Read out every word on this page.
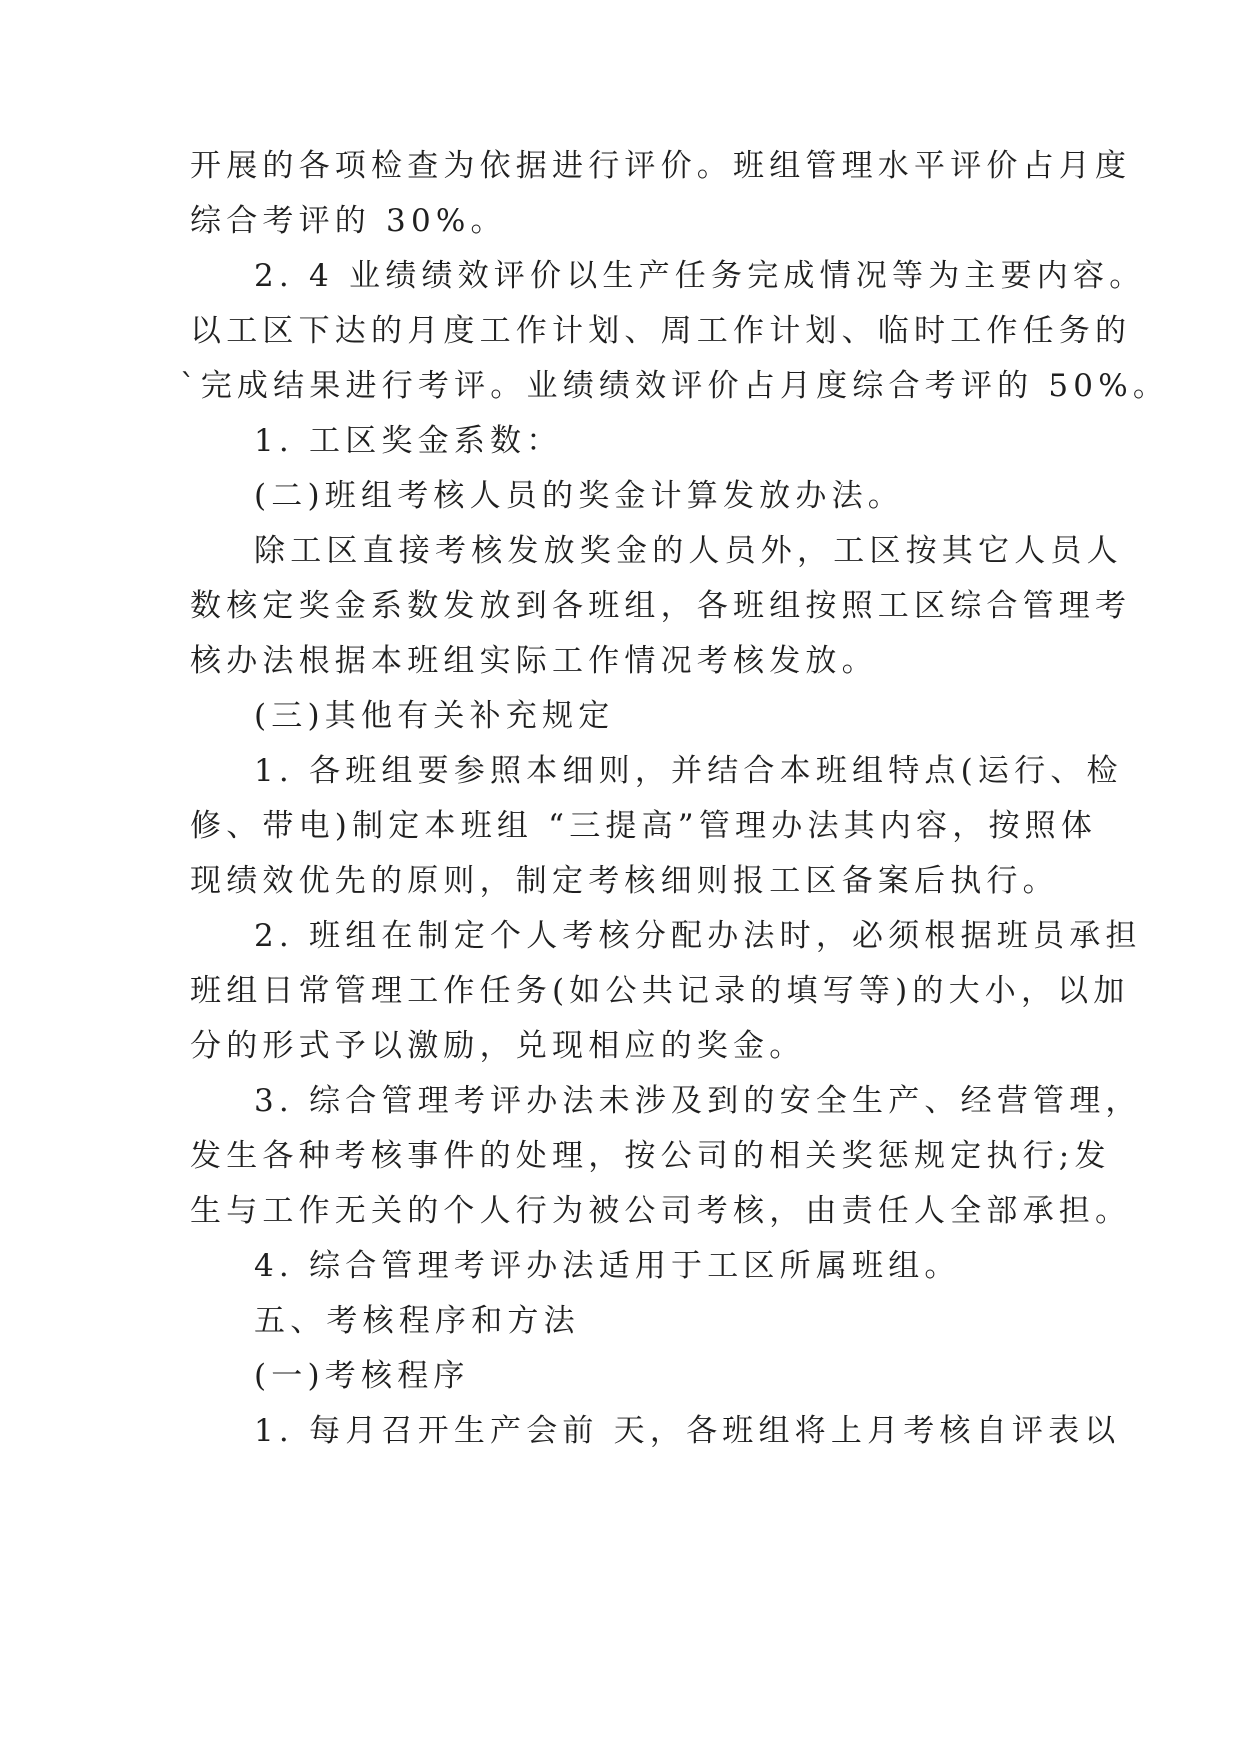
开展的各项检查为依据进行评价。班组管理水平评价占月度
综合考评的 30%。
2. 4 业绩绩效评价以生产任务完成情况等为主要内容。
以工区下达的月度工作计划、周工作计划、临时工作任务的
`完成结果进行考评。业绩绩效评价占月度综合考评的 50%。
1. 工区奖金系数：
(二)班组考核人员的奖金计算发放办法。
除工区直接考核发放奖金的人员外，工区按其它人员人
数核定奖金系数发放到各班组，各班组按照工区综合管理考
核办法根据本班组实际工作情况考核发放。
(三)其他有关补充规定
1. 各班组要参照本细则，并结合本班组特点(运行、检
修、带电)制定本班组 “三提高”管理办法其内容，按照体
现绩效优先的原则，制定考核细则报工区备案后执行。
2. 班组在制定个人考核分配办法时，必须根据班员承担
班组日常管理工作任务(如公共记录的填写等)的大小，以加
分的形式予以激励，兑现相应的奖金。
3. 综合管理考评办法未涉及到的安全生产、经营管理，
发生各种考核事件的处理，按公司的相关奖惩规定执行;发
生与工作无关的个人行为被公司考核，由责任人全部承担。
4. 综合管理考评办法适用于工区所属班组。
五、考核程序和方法
(一)考核程序
1. 每月召开生产会前 天，各班组将上月考核自评表以
